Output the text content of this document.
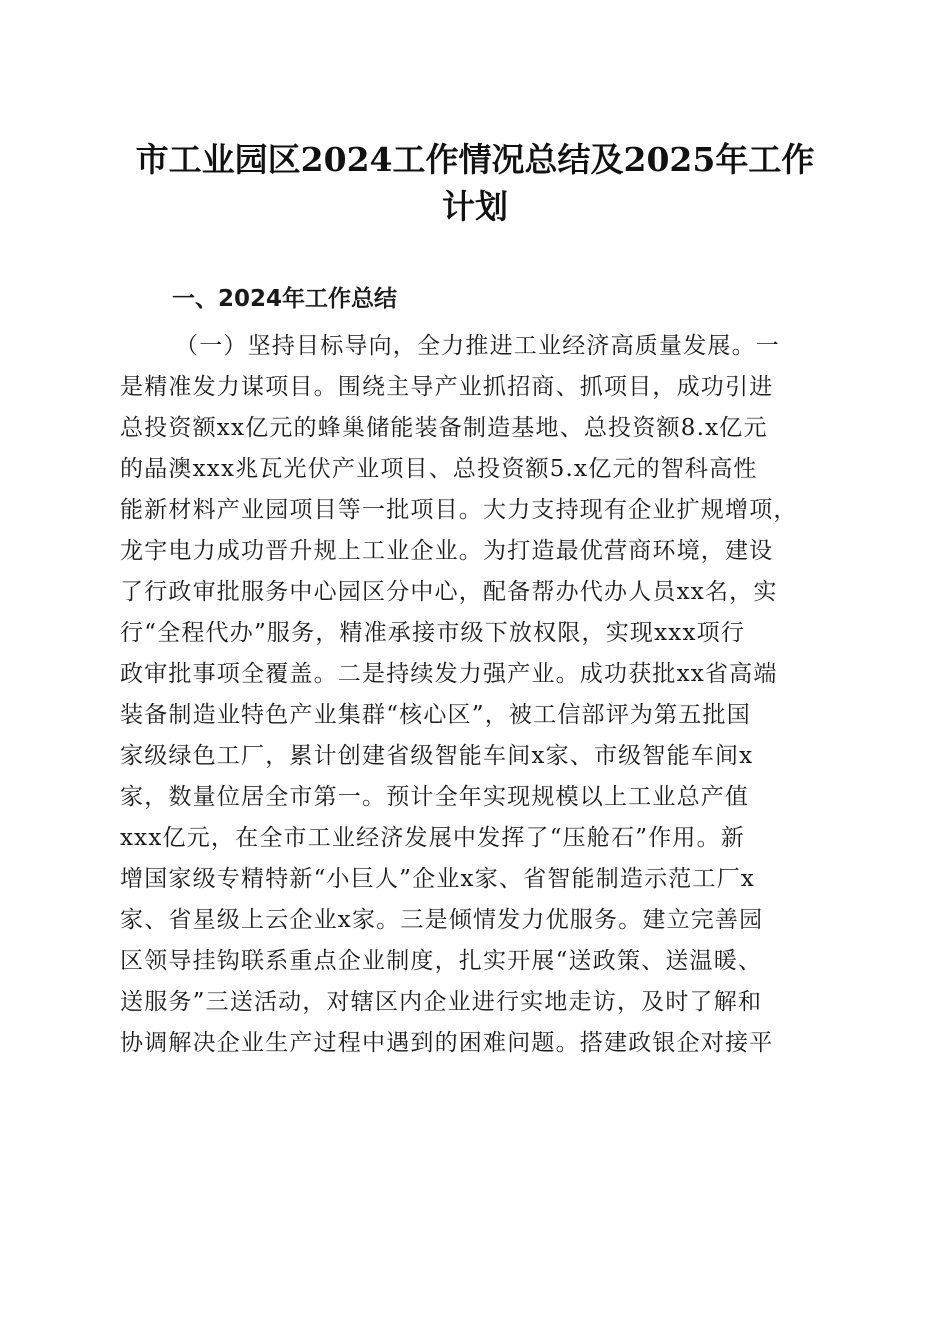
市工业园区2024工作情况总结及2025年工作
计划
一、2024年工作总结
（一）坚持目标导向，全力推进工业经济高质量发展。一
是精准发力谋项目。围绕主导产业抓招商、抓项目，成功引进
总投资额xx亿元的蜂巢储能装备制造基地、总投资额8.x亿元
的晶澳xxx兆瓦光伏产业项目、总投资额5.x亿元的智科高性
能新材料产业园项目等一批项目。大力支持现有企业扩规增项，
龙宇电力成功晋升规上工业企业。为打造最优营商环境，建设
了行政审批服务中心园区分中心，配备帮办代办人员xx名，实
行“全程代办”服务，精准承接市级下放权限，实现xxx项行
政审批事项全覆盖。二是持续发力强产业。成功获批xx省高端
装备制造业特色产业集群“核心区”，被工信部评为第五批国
家级绿色工厂，累计创建省级智能车间x家、市级智能车间x
家，数量位居全市第一。预计全年实现规模以上工业总产值
xxx亿元，在全市工业经济发展中发挥了“压舱石”作用。新
增国家级专精特新“小巨人”企业x家、省智能制造示范工厂x
家、省星级上云企业x家。三是倾情发力优服务。建立完善园
区领导挂钩联系重点企业制度，扎实开展“送政策、送温暖、
送服务”三送活动，对辖区内企业进行实地走访，及时了解和
协调解决企业生产过程中遇到的困难问题。搭建政银企对接平
